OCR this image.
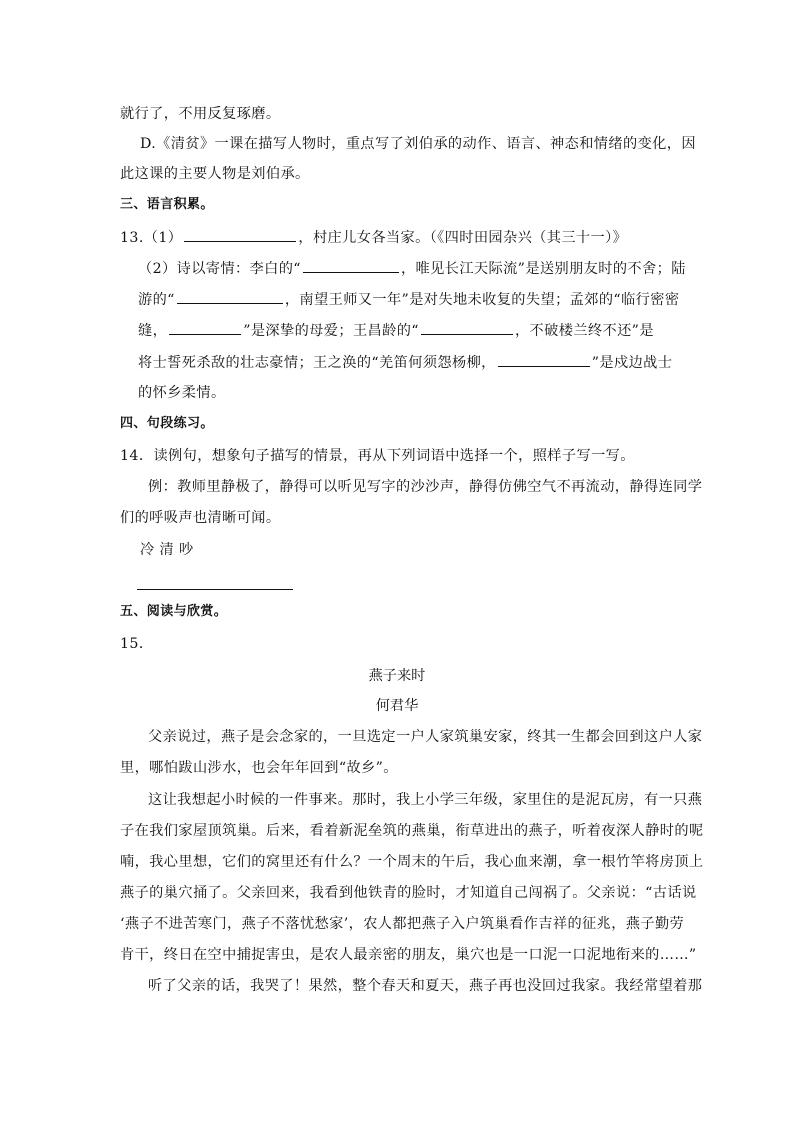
就行了，不用反复琢磨。
D.《清贫》一课在描写人物时，重点写了刘伯承的动作、语言、神态和情绪的变化，因
此这课的主要人物是刘伯承。
三、语言积累。
13.（1）	，村庄儿女各当家。（《四时田园杂兴（其三十一）》
（2）诗以寄情：李白的“	，唯见长江天际流”是送别朋友时的不舍；陆
游的“	，南望王师又一年”是对失地未收复的失望；孟郊的“临行密密
缝，	”是深挚的母爱；王昌龄的“	，不破楼兰终不还”是
将士誓死杀敌的壮志豪情；王之涣的“羌笛何须怨杨柳，	”是戍边战士
的怀乡柔情。
四、句段练习。
14．读例句，想象句子描写的情景，再从下列词语中选择一个，照样子写一写。
例：教师里静极了，静得可以听见写字的沙沙声，静得仿佛空气不再流动，静得连同学
们的呼吸声也清晰可闻。
冷 清 吵
五、阅读与欣赏。
15．
燕子来时
何君华
父亲说过，燕子是会念家的，一旦选定一户人家筑巢安家，终其一生都会回到这户人家
里，哪怕跋山涉水，也会年年回到“故乡”。
这让我想起小时候的一件事来。那时，我上小学三年级，家里住的是泥瓦房，有一只燕
子在我们家屋顶筑巢。后来，看着新泥垒筑的燕巢，衔草进出的燕子，听着夜深人静时的呢
喃，我心里想，它们的窝里还有什么？一个周末的午后，我心血来潮，拿一根竹竿将房顶上
燕子的巢穴捅了。父亲回来，我看到他铁青的脸时，才知道自己闯祸了。父亲说：“古话说
‘燕子不进苦寒门，燕子不落忧愁家’，农人都把燕子入户筑巢看作吉祥的征兆，燕子勤劳
肯干，终日在空中捕捉害虫，是农人最亲密的朋友，巢穴也是一口泥一口泥地衔来的……”
听了父亲的话，我哭了！果然，整个春天和夏天，燕子再也没回过我家。我经常望着那
